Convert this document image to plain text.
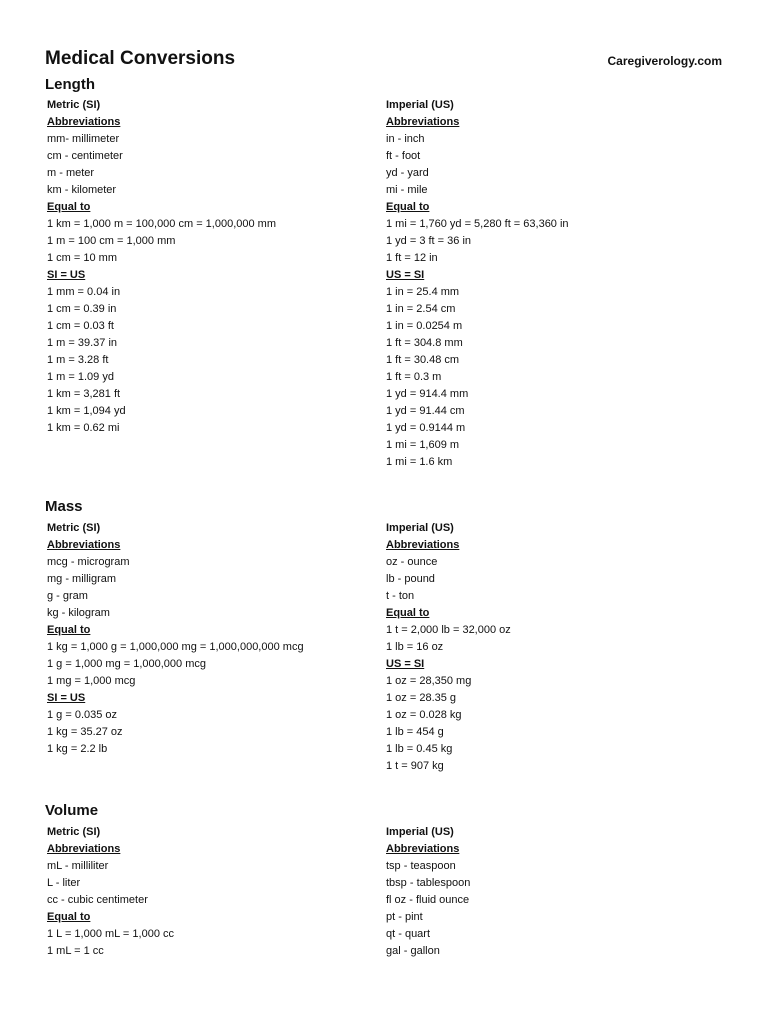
Medical Conversions	Caregiverology.com
Length
Metric (SI)
Abbreviations
mm- millimeter
cm - centimeter
m - meter
km - kilometer
Equal to
1 km = 1,000 m = 100,000 cm = 1,000,000 mm
1 m = 100 cm = 1,000 mm
1 cm = 10 mm
SI = US
1 mm = 0.04 in
1 cm = 0.39 in
1 cm = 0.03 ft
1 m = 39.37 in
1 m = 3.28 ft
1 m = 1.09 yd
1 km = 3,281 ft
1 km = 1,094 yd
1 km = 0.62 mi
Imperial (US)
Abbreviations
in - inch
ft - foot
yd - yard
mi - mile
Equal to
1 mi = 1,760 yd = 5,280 ft = 63,360 in
1 yd = 3 ft = 36 in
1 ft = 12 in
US = SI
1 in = 25.4 mm
1 in = 2.54 cm
1 in = 0.0254 m
1 ft = 304.8 mm
1 ft = 30.48 cm
1 ft = 0.3 m
1 yd = 914.4 mm
1 yd = 91.44 cm
1 yd = 0.9144 m
1 mi = 1,609 m
1 mi = 1.6 km
Mass
Metric (SI)
Abbreviations
mcg - microgram
mg - milligram
g - gram
kg - kilogram
Equal to
1 kg = 1,000 g = 1,000,000 mg = 1,000,000,000 mcg
1 g = 1,000 mg = 1,000,000 mcg
1 mg = 1,000 mcg
SI = US
1 g = 0.035 oz
1 kg = 35.27 oz
1 kg = 2.2 lb
Imperial (US)
Abbreviations
oz - ounce
lb - pound
t - ton
Equal to
1 t = 2,000 lb = 32,000 oz
1 lb = 16 oz
US = SI
1 oz = 28,350 mg
1 oz = 28.35 g
1 oz = 0.028 kg
1 lb = 454 g
1 lb = 0.45 kg
1 t = 907 kg
Volume
Metric (SI)
Abbreviations
mL - milliliter
L - liter
cc - cubic centimeter
Equal to
1 L = 1,000 mL = 1,000 cc
1 mL = 1 cc
Imperial (US)
Abbreviations
tsp - teaspoon
tbsp - tablespoon
fl oz - fluid ounce
pt - pint
qt - quart
gal - gallon
